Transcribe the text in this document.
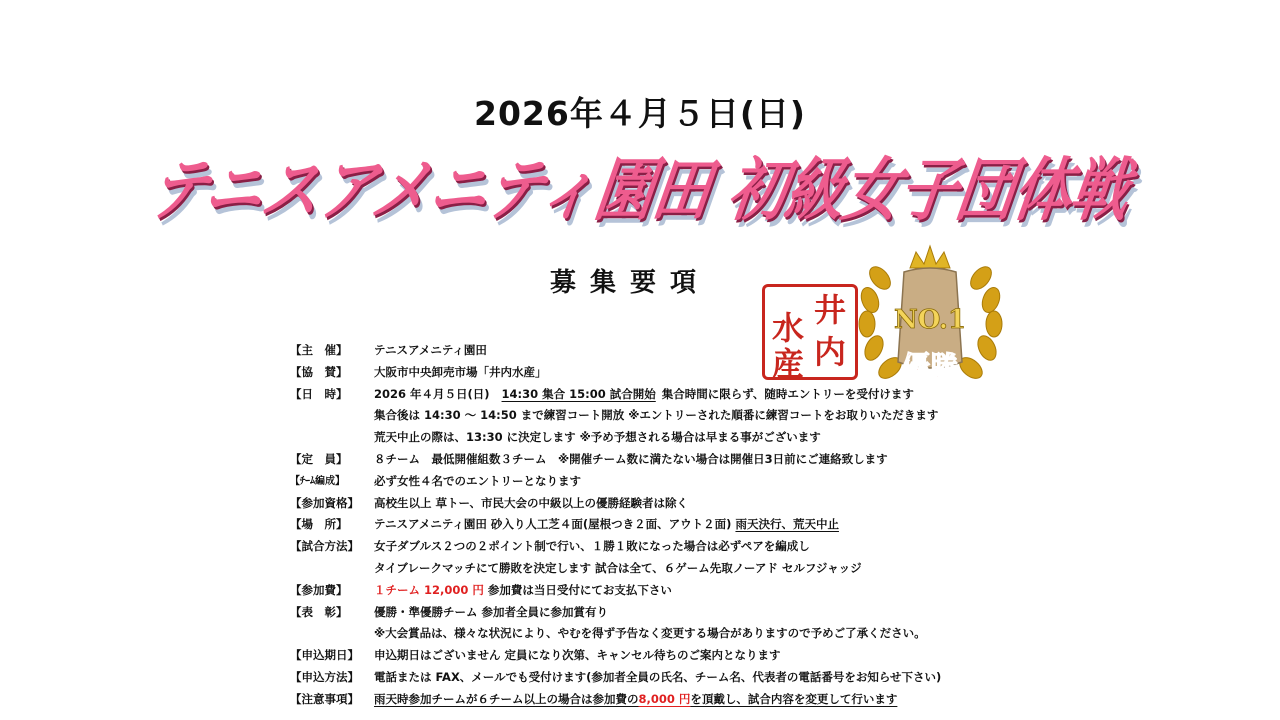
2026年４月５日(日)
テニスアメニティ園田 初級女子団体戦
募集要項
井
水
内
産
NO.1
優勝
【主　催】	テニスアメニティ園田
【協　賛】	大阪市中央卸売市場「井内水産」
【日　時】	2026 年４月５日(日) 14:30 集合 15:00 試合開始 集合時間に限らず、随時エントリーを受付けます
集合後は 14:30 ～ 14:50 まで練習コート開放 ※エントリーされた順番に練習コートをお取りいただきます
荒天中止の際は、13:30 に決定します ※予め予想される場合は早まる事がございます
【定　員】	８チーム　最低開催組数３チーム　※開催チーム数に満たない場合は開催日3日前にご連絡致します
【ﾁｰﾑ編成】	必ず女性４名でのエントリーとなります
【参加資格】	高校生以上 草トー、市民大会の中級以上の優勝経験者は除く
【場　所】	テニスアメニティ園田 砂入り人工芝４面(屋根つき２面、アウト２面) 雨天決行、荒天中止
【試合方法】	女子ダブルス２つの２ポイント制で行い、１勝１敗になった場合は必ずペアを編成し
タイブレークマッチにて勝敗を決定します 試合は全て、６ゲーム先取ノーアド セルフジャッジ
【参加費】	１チーム 12,000 円 参加費は当日受付にてお支払下さい
【表　彰】	優勝・準優勝チーム 参加者全員に参加賞有り
※大会賞品は、様々な状況により、やむを得ず予告なく変更する場合がありますので予めご了承ください。
【申込期日】	申込期日はございません 定員になり次第、キャンセル待ちのご案内となります
【申込方法】	電話または FAX、メールでも受付けます(参加者全員の氏名、チーム名、代表者の電話番号をお知らせ下さい)
【注意事項】	雨天時参加チームが６チーム以上の場合は参加費の 8,000 円 を頂戴し、試合内容を変更して行います
